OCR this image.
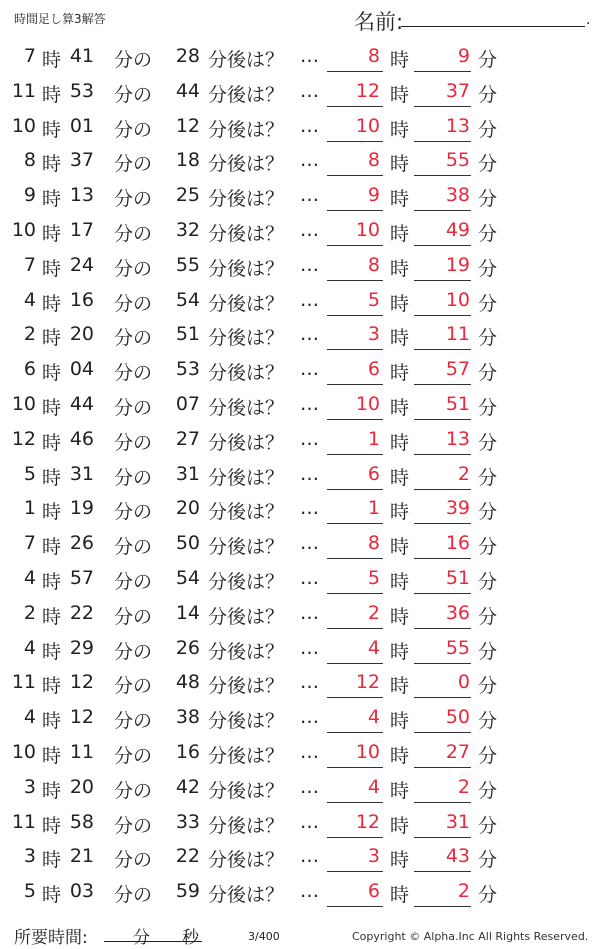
時間足し算3解答	名前:	.
7 時 41 分の	28 分後は？ …	8 時	9 分
11 時 53 分の	44 分後は？ …	12 時	37 分
10 時 01 分の	12 分後は？ …	10 時	13 分
8 時 37 分の	18 分後は？ …	8 時	55 分
9 時 13 分の	25 分後は？ …	9 時	38 分
10 時 17 分の	32 分後は？ …	10 時	49 分
7 時 24 分の	55 分後は？ …	8 時	19 分
4 時 16 分の	54 分後は？ …	5 時	10 分
2 時 20 分の	51 分後は？ …	3 時	11 分
6 時 04 分の	53 分後は？ …	6 時	57 分
10 時 44 分の	07 分後は？ …	10 時	51 分
12 時 46 分の	27 分後は？ …	1 時	13 分
5 時 31 分の	31 分後は？ …	6 時	2 分
1 時 19 分の	20 分後は？ …	1 時	39 分
7 時 26 分の	50 分後は？ …	8 時	16 分
4 時 57 分の	54 分後は？ …	5 時	51 分
2 時 22 分の	14 分後は？ …	2 時	36 分
4 時 29 分の	26 分後は？ …	4 時	55 分
11 時 12 分の	48 分後は？ …	12 時	0 分
4 時 12 分の	38 分後は？ …	4 時	50 分
10 時 11 分の	16 分後は？ …	10 時	27 分
3 時 20 分の	42 分後は？ …	4 時	2 分
11 時 58 分の	33 分後は？ …	12 時	31 分
3 時 21 分の	22 分後は？ …	3 時	43 分
5 時 03 分の	59 分後は？ …	6 時	2 分
所要時間:	分 秒	3/400	Copyright © Alpha.Inc All Rights Reserved.
